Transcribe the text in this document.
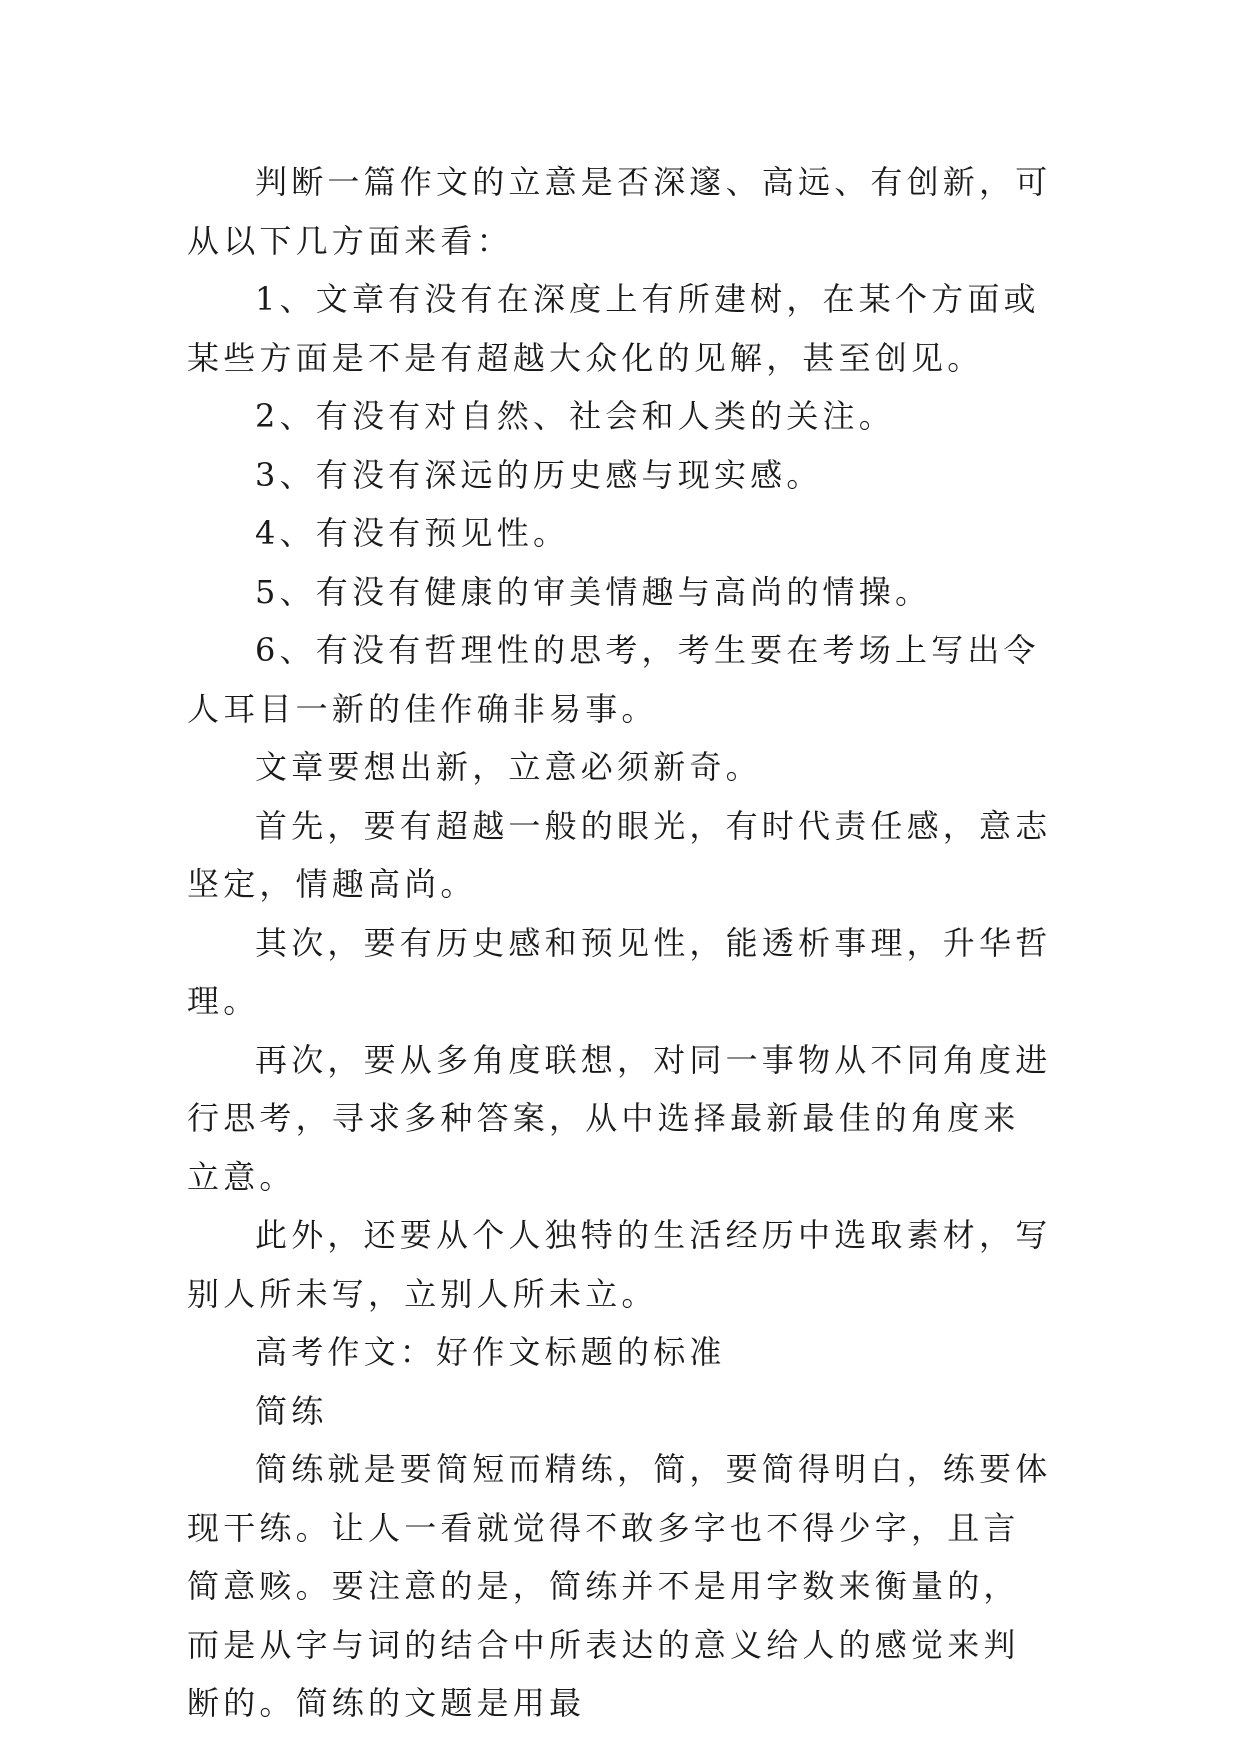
判断一篇作文的立意是否深邃、高远、有创新，可从以下几方面来看：

1、文章有没有在深度上有所建树，在某个方面或某些方面是不是有超越大众化的见解，甚至创见。

2、有没有对自然、社会和人类的关注。

3、有没有深远的历史感与现实感。

4、有没有预见性。

5、有没有健康的审美情趣与高尚的情操。

6、有没有哲理性的思考，考生要在考场上写出令人耳目一新的佳作确非易事。

文章要想出新，立意必须新奇。

首先，要有超越一般的眼光，有时代责任感，意志坚定，情趣高尚。

其次，要有历史感和预见性，能透析事理，升华哲理。

再次，要从多角度联想，对同一事物从不同角度进行思考，寻求多种答案，从中选择最新最佳的角度来立意。

此外，还要从个人独特的生活经历中选取素材，写别人所未写，立别人所未立。

高考作文：好作文标题的标准

简练

简练就是要简短而精练，简，要简得明白，练要体现干练。让人一看就觉得不敢多字也不得少字，且言简意赅。要注意的是，简练并不是用字数来衡量的，而是从字与词的结合中所表达的意义给人的感觉来判断的。简练的文题是用最
